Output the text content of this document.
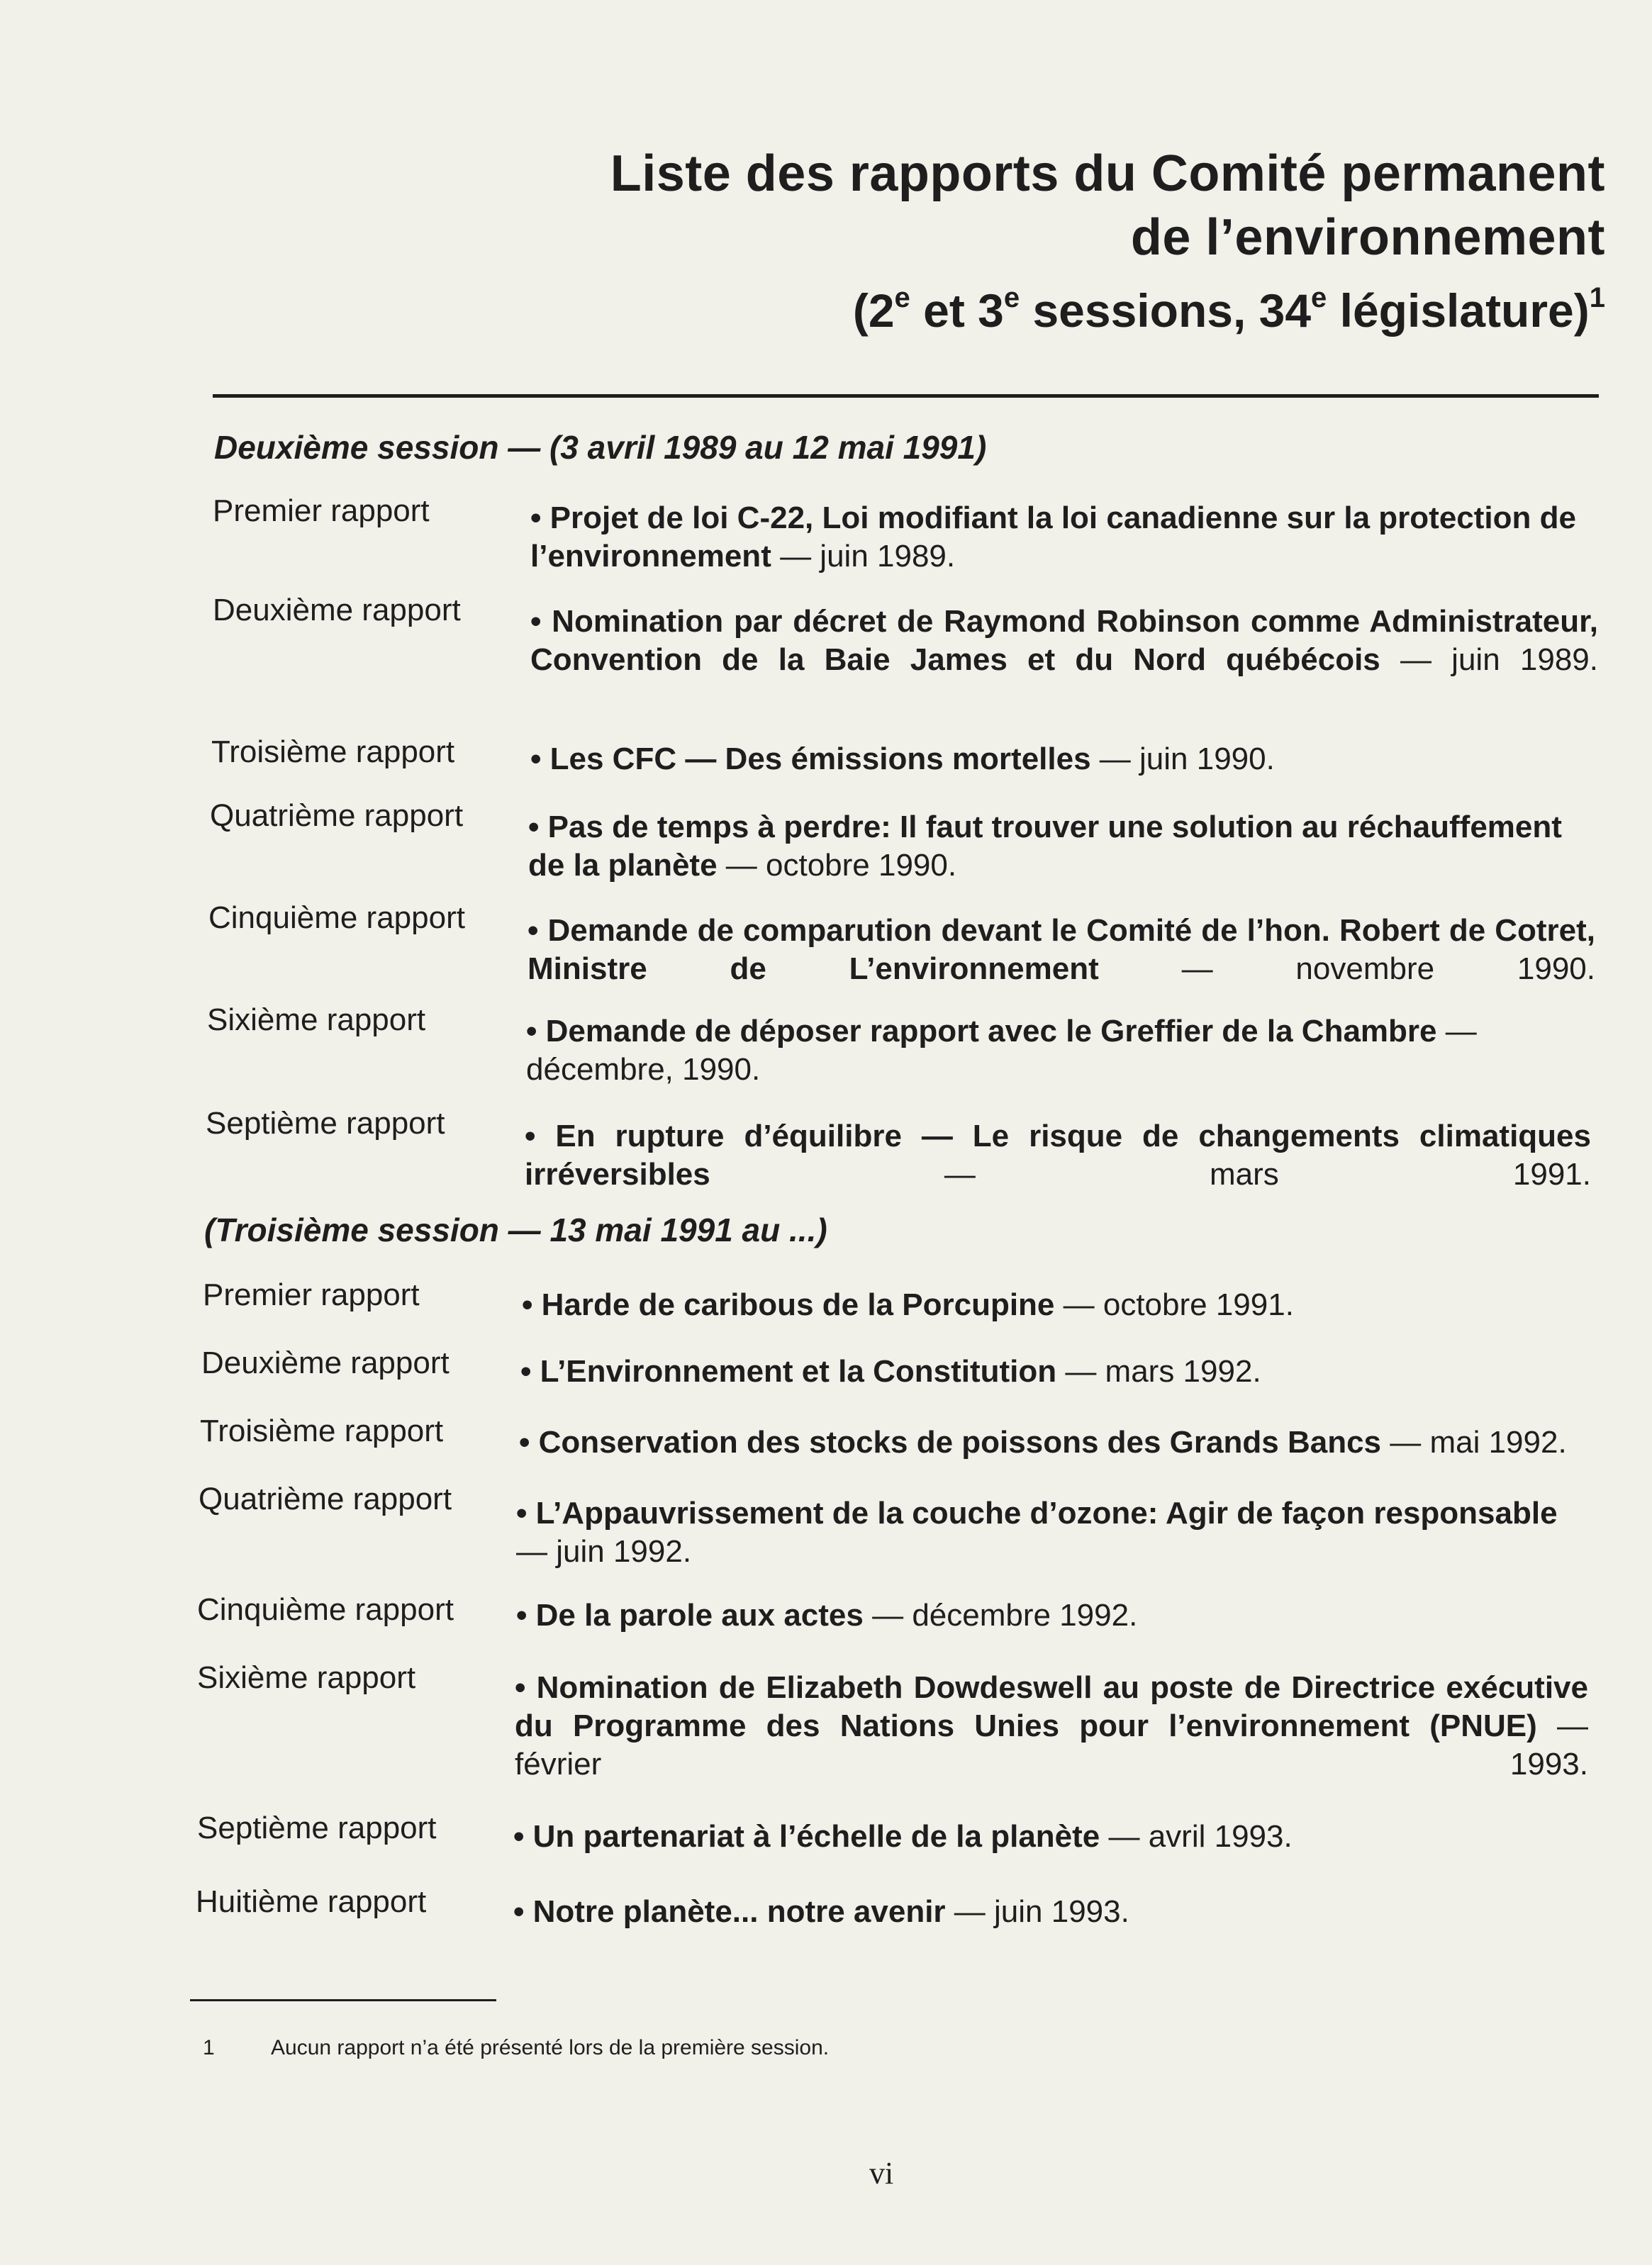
Liste des rapports du Comité permanent
de l’environnement
(2e et 3e sessions, 34e législature)$^1$
Deuxième session — (3 avril 1989 au 12 mai 1991)
Premier rapport	• Projet de loi C-22, Loi modifiant la loi canadienne sur la protection de l’environnement — juin 1989.
Deuxième rapport • Nomination par décret de Raymond Robinson comme Administrateur, Convention de la Baie James et du Nord québécois — juin 1989.
Troisième rapport • Les CFC — Des émissions mortelles — juin 1990.
Quatrième rapport • Pas de temps à perdre: Il faut trouver une solution au réchauffement de la planète — octobre 1990.
Cinquième rapport • Demande de comparution devant le Comité de l’hon. Robert de Cotret, Ministre de L’environnement — novembre 1990.
Sixième rapport	• Demande de déposer rapport avec le Greffier de la Chambre — décembre, 1990.
Septième rapport	• En rupture d’équilibre — Le risque de changements climatiques irréversibles — mars 1991.
(Troisième session — 13 mai 1991 au ...)
Premier rapport	• Harde de caribous de la Porcupine — octobre 1991.
Deuxième rapport • L’Environnement et la Constitution — mars 1992.
Troisième rapport • Conservation des stocks de poissons des Grands Bancs — mai 1992.
Quatrième rapport • L’Appauvrissement de la couche d’ozone: Agir de façon responsable — juin 1992.
Cinquième rapport • De la parole aux actes — décembre 1992.
Sixième rapport	• Nomination de Elizabeth Dowdeswell au poste de Directrice exécutive du Programme des Nations Unies pour l’environnement (PNUE) — février 1993.
Septième rapport • Un partenariat à l’échelle de la planète — avril 1993.
Huitième rapport	• Notre planète... notre avenir — juin 1993.
1	Aucun rapport n’a été présenté lors de la première session.
vi
